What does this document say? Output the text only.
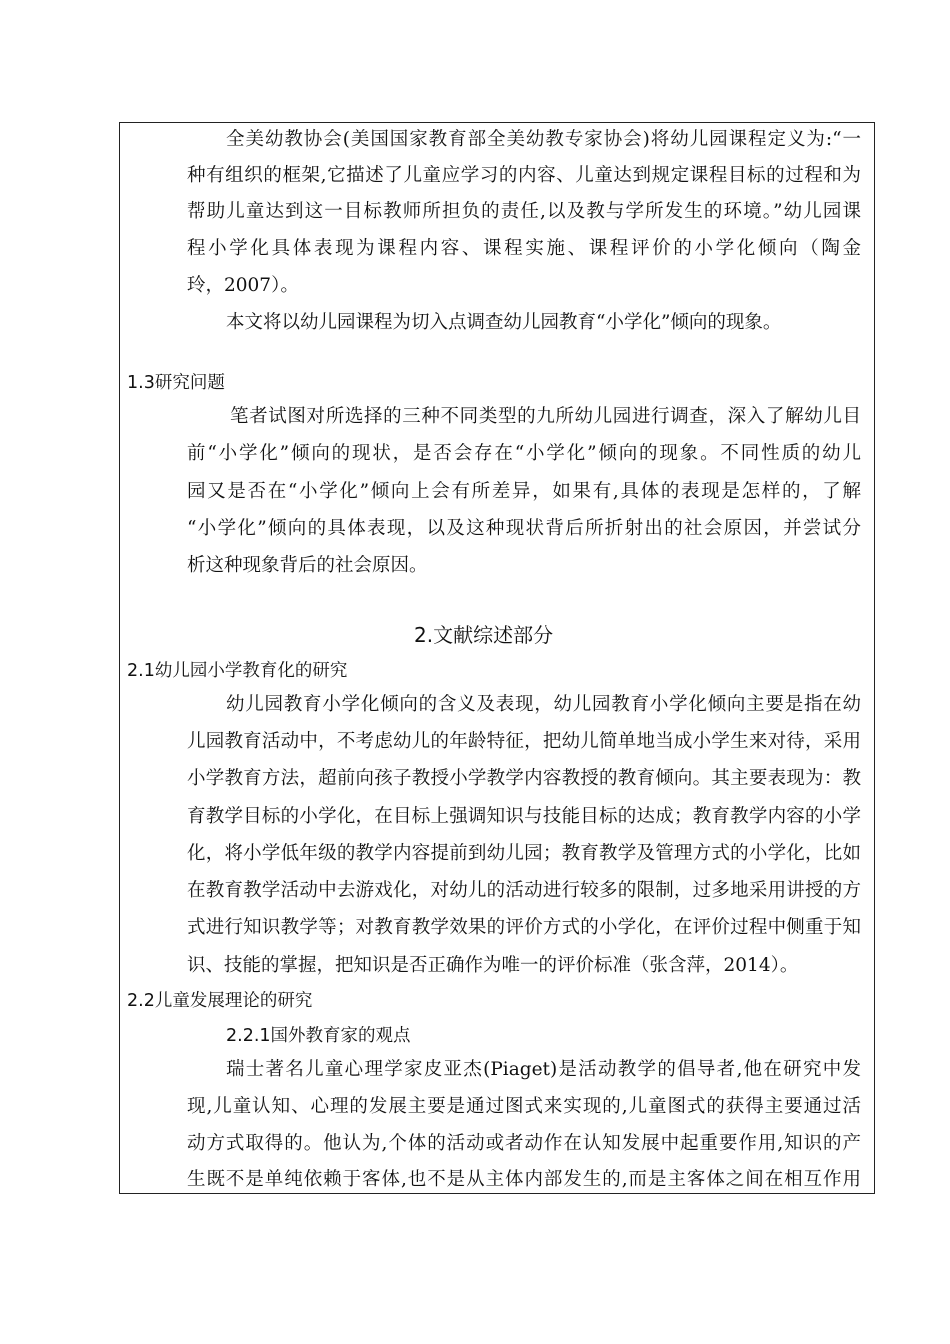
全美幼教协会(美国国家教育部全美幼教专家协会)将幼儿园课程定义为:“一
种有组织的框架,它描述了儿童应学习的内容、儿童达到规定课程目标的过程和为
帮助儿童达到这一目标教师所担负的责任,以及教与学所发生的环境。”幼儿园课
程小学化具体表现为课程内容、课程实施、课程评价的小学化倾向（陶金
玲，2007）。
本文将以幼儿园课程为切入点调查幼儿园教育“小学化”倾向的现象。
1.3研究问题
笔者试图对所选择的三种不同类型的九所幼儿园进行调查，深入了解幼儿目
前“小学化”倾向的现状，是否会存在“小学化”倾向的现象。不同性质的幼儿
园又是否在“小学化”倾向上会有所差异，如果有,具体的表现是怎样的，了解
“小学化”倾向的具体表现，以及这种现状背后所折射出的社会原因，并尝试分
析这种现象背后的社会原因。
2.文献综述部分
2.1幼儿园小学教育化的研究
幼儿园教育小学化倾向的含义及表现，幼儿园教育小学化倾向主要是指在幼
儿园教育活动中，不考虑幼儿的年龄特征，把幼儿简单地当成小学生来对待，采用
小学教育方法，超前向孩子教授小学教学内容教授的教育倾向。其主要表现为：教
育教学目标的小学化，在目标上强调知识与技能目标的达成；教育教学内容的小学
化，将小学低年级的教学内容提前到幼儿园；教育教学及管理方式的小学化，比如
在教育教学活动中去游戏化，对幼儿的活动进行较多的限制，过多地采用讲授的方
式进行知识教学等；对教育教学效果的评价方式的小学化，在评价过程中侧重于知
识、技能的掌握，把知识是否正确作为唯一的评价标准（张含萍，2014）。
2.2儿童发展理论的研究
2.2.1国外教育家的观点
瑞士著名儿童心理学家皮亚杰(Piaget)是活动教学的倡导者,他在研究中发
现,儿童认知、心理的发展主要是通过图式来实现的,儿童图式的获得主要通过活
动方式取得的。他认为,个体的活动或者动作在认知发展中起重要作用,知识的产
生既不是单纯依赖于客体,也不是从主体内部发生的,而是主客体之间在相互作用
